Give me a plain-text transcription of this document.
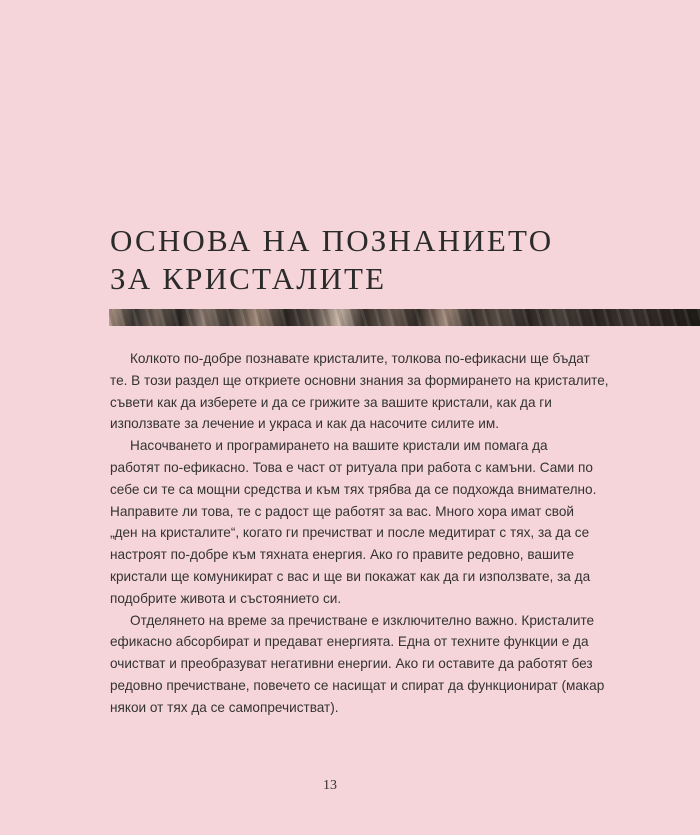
ОСНОВА НА ПОЗНАНИЕТО
ЗА КРИСТАЛИТЕ
Колкото по-добре познавате кристалите, толкова по-ефикасни ще бъдат
те. В този раздел ще откриете основни знания за формирането на кристалите,
съвети как да изберете и да се грижите за вашите кристали, как да ги
използвате за лечение и украса и как да насочите силите им.
Насочването и програмирането на вашите кристали им помага да
работят по-ефикасно. Това е част от ритуала при работа с камъни. Сами по
себе си те са мощни средства и към тях трябва да се подхожда внимателно.
Направите ли това, те с радост ще работят за вас. Много хора имат свой
„ден на кристалите“, когато ги пречистват и после медитират с тях, за да се
настроят по-добре към тяхната енергия. Ако го правите редовно, вашите
кристали ще комуникират с вас и ще ви покажат как да ги използвате, за да
подобрите живота и състоянието си.
Отделянето на време за пречистване е изключително важно. Кристалите
ефикасно абсорбират и предават енергията. Една от техните функции е да
очистват и преобразуват негативни енергии. Ако ги оставите да работят без
редовно пречистване, повечето се насищат и спират да функционират (макар
някои от тях да се самопречистват).
13
